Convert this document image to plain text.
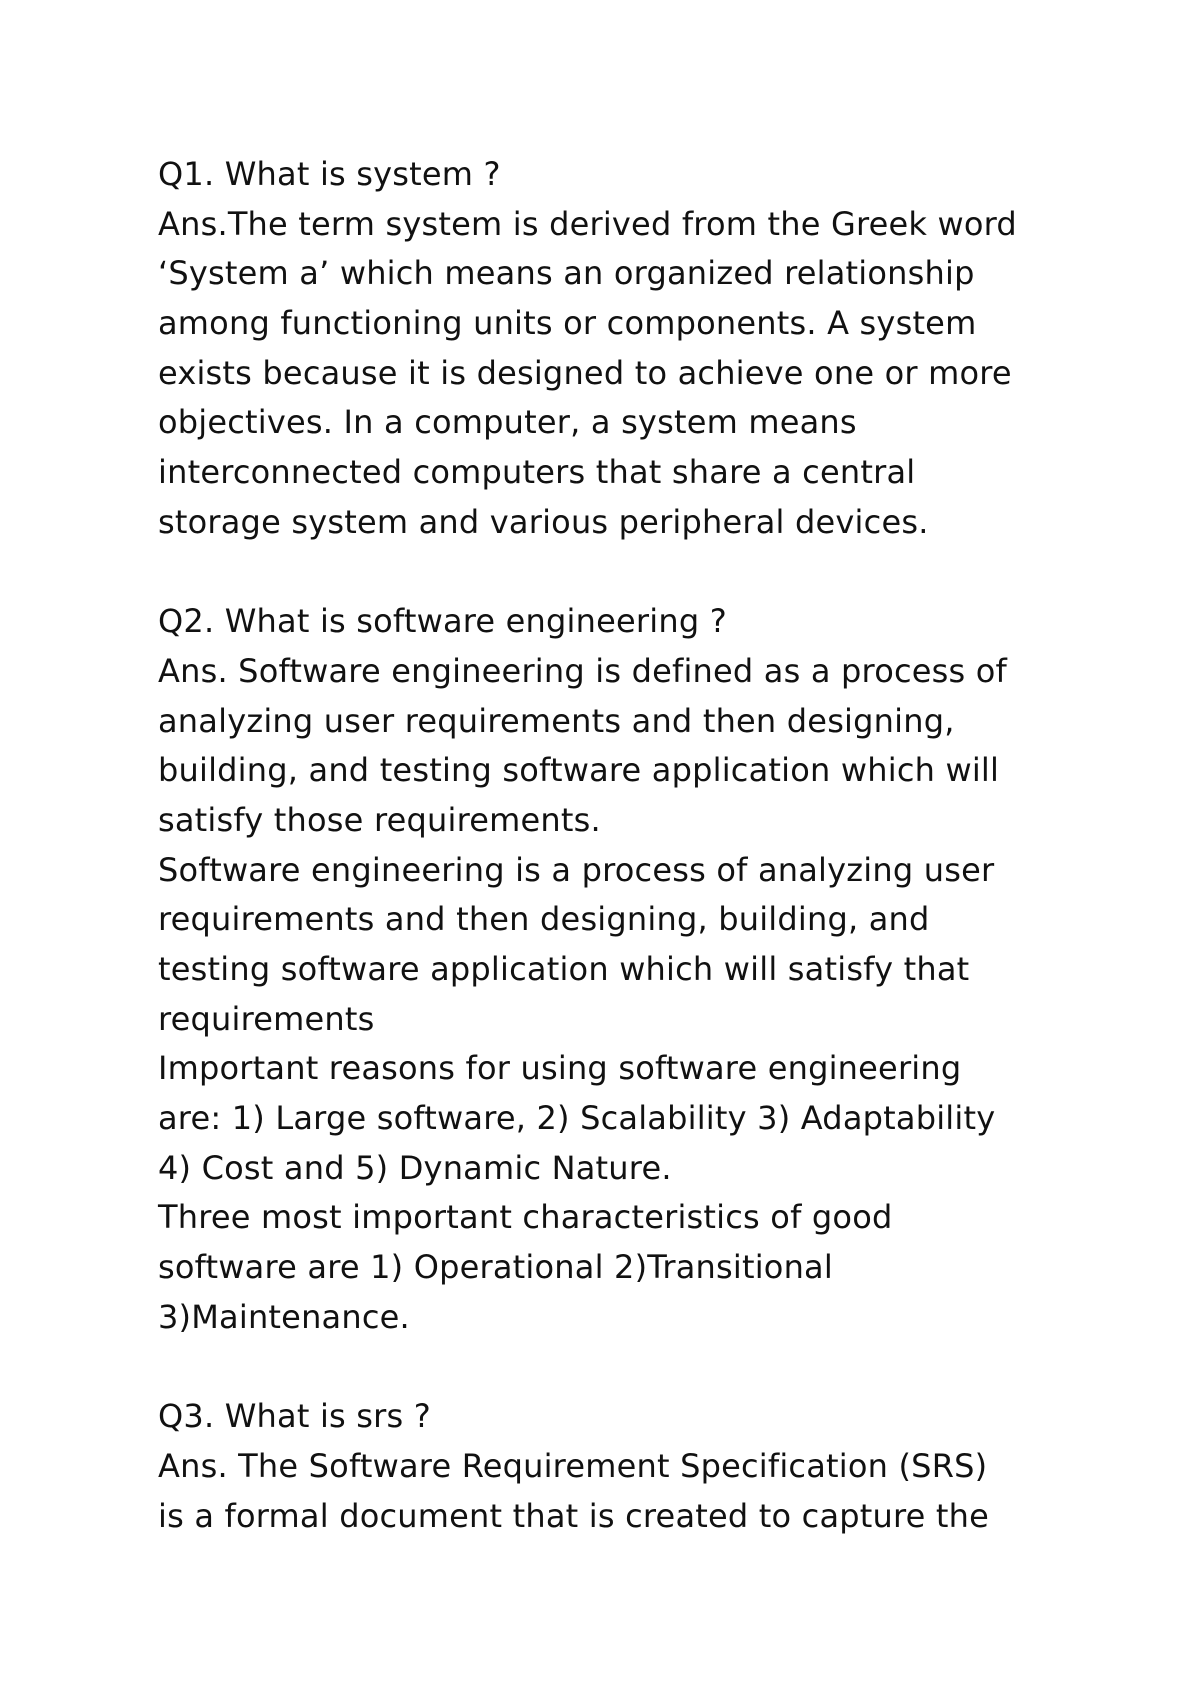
Q1. What is system ?
Ans.The term system is derived from the Greek word
‘System a’ which means an organized relationship
among functioning units or components. A system
exists because it is designed to achieve one or more
objectives. In a computer, a system means
interconnected computers that share a central
storage system and various peripheral devices.
Q2. What is software engineering ?
Ans. Software engineering is defined as a process of
analyzing user requirements and then designing,
building, and testing software application which will
satisfy those requirements.
Software engineering is a process of analyzing user
requirements and then designing, building, and
testing software application which will satisfy that
requirements
Important reasons for using software engineering
are: 1) Large software, 2) Scalability 3) Adaptability
4) Cost and 5) Dynamic Nature.
Three most important characteristics of good
software are 1) Operational 2)Transitional
3)Maintenance.
Q3. What is srs ?
Ans. The Software Requirement Specification (SRS)
is a formal document that is created to capture the
